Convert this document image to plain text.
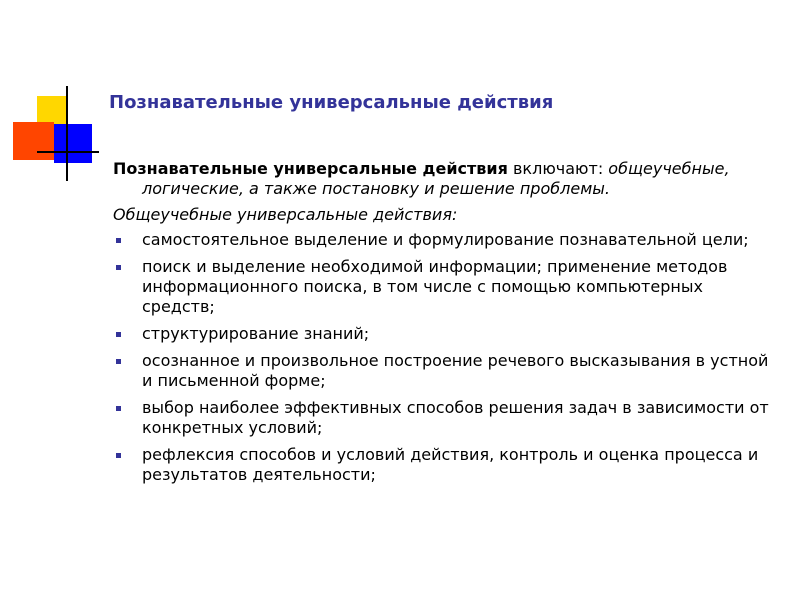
Познавательные универсальные действия

Познавательные универсальные действия включают: общеучебные, логические, а также постановку и решение проблемы.

Общеучебные универсальные действия:

самостоятельное выделение и формулирование познавательной цели;
поиск и выделение необходимой информации; применение методов информационного поиска, в том числе с помощью компьютерных средств;
структурирование знаний;
осознанное и произвольное построение речевого высказывания в устной и письменной форме;
выбор наиболее эффективных способов решения задач в зависимости от конкретных условий;
рефлексия способов и условий действия, контроль и оценка процесса и результатов деятельности;
